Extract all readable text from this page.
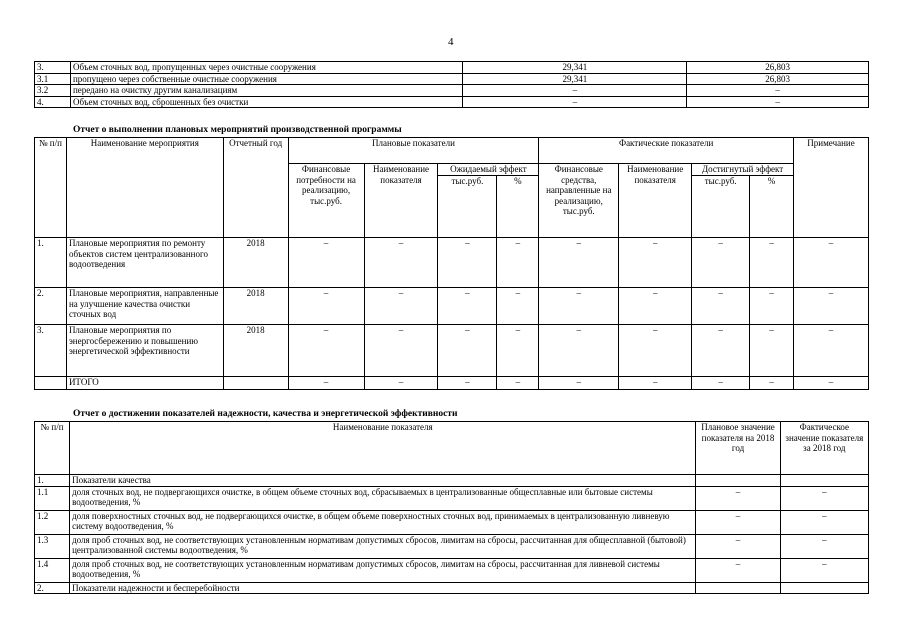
4
3.	Объем сточных вод, пропущенных через очистные сооружения	29,341	26,803
3.1	пропущено через собственные очистные сооружения	29,341	26,803
3.2	передано на очистку другим канализациям	–	–
4.	Объем сточных вод, сброшенных без очистки	–	–
Отчет о выполнении плановых мероприятий производственной программы
№ п/п	Наименование мероприятия	Отчетный год	Плановые показатели				Фактические показатели				Примечание
			Финансовые потребности на реализацию, тыс.руб.	Наименование показателя	Ожидаемый эффект		Финансовые средства, направленные на реализацию, тыс.руб.	Наименование показателя	Достигнутый эффект		
					тыс.руб.	%			тыс.руб.	%	
1.	Плановые мероприятия по ремонту объектов систем централизованного водоотведения	2018	–	–	–	–	–	–	–	–	–
2.	Плановые мероприятия, направленные на улучшение качества очистки сточных вод	2018	–	–	–	–	–	–	–	–	–
3.	Плановые мероприятия по энергосбережению и повышению энергетической эффективности	2018	–	–	–	–	–	–	–	–	–
	ИТОГО		–	–	–	–	–	–	–	–	–
Отчет о достижении показателей надежности, качества и энергетической эффективности
№ п/п	Наименование показателя	Плановое значение показателя на 2018 год	Фактическое значение показателя за 2018 год
1.	Показатели качества		
1.1	доля сточных вод, не подвергающихся очистке, в общем объеме сточных вод, сбрасываемых в централизованные общесплавные или бытовые системы водоотведения, %	–	–
1.2	доля поверхностных сточных вод, не подвергающихся очистке, в общем объеме поверхностных сточных вод, принимаемых в централизованную ливневую систему водоотведения, %	–	–
1.3	доля проб сточных вод, не соответствующих установленным нормативам допустимых сбросов, лимитам на сбросы, рассчитанная для общесплавной (бытовой) централизованной системы водоотведения, %	–	–
1.4	доля проб сточных вод, не соответствующих установленным нормативам допустимых сбросов, лимитам на сбросы, рассчитанная для ливневой системы водоотведения, %	–	–
2.	Показатели надежности и бесперебойности		
